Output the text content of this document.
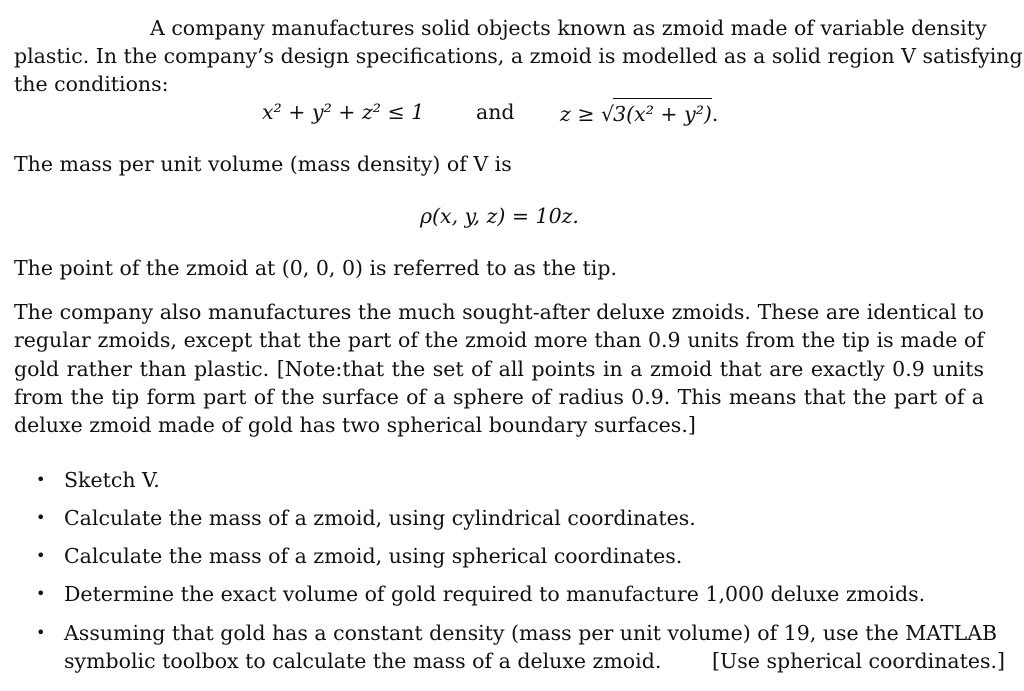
A company manufactures solid objects known as zmoid made of variable density
plastic. In the company’s design specifications, a zmoid is modelled as a solid region V satisfying
the conditions:
x² + y² + z² ≤ 1	and z ≥ √3(x² + y²).
The mass per unit volume (mass density) of V is
ρ(x, y, z) = 10z.
The point of the zmoid at (0, 0, 0) is referred to as the tip.
The company also manufactures the much sought-after deluxe zmoids. These are identical to
regular zmoids, except that the part of the zmoid more than 0.9 units from the tip is made of
gold rather than plastic. [Note:that the set of all points in a zmoid that are exactly 0.9 units
from the tip form part of the surface of a sphere of radius 0.9. This means that the part of a
deluxe zmoid made of gold has two spherical boundary surfaces.]
• Sketch V.
• Calculate the mass of a zmoid, using cylindrical coordinates.
• Calculate the mass of a zmoid, using spherical coordinates.
• Determine the exact volume of gold required to manufacture 1,000 deluxe zmoids.
• Assuming that gold has a constant density (mass per unit volume) of 19, use the MATLAB
symbolic toolbox to calculate the mass of a deluxe zmoid. [Use spherical coordinates.]
